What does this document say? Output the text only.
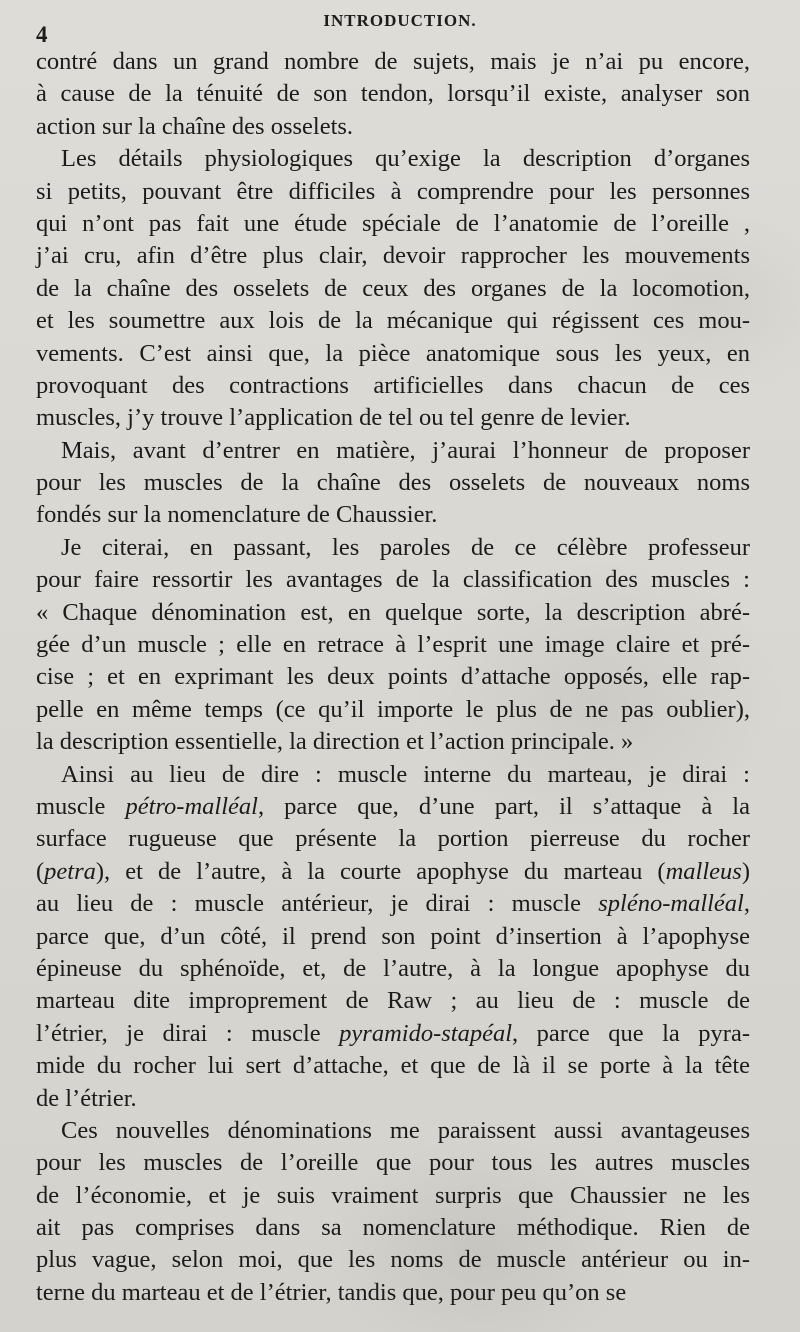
4
INTRODUCTION.
contré dans un grand nombre de sujets, mais je n’ai pu encore,
à cause de la ténuité de son tendon, lorsqu’il existe, analyser son
action sur la chaîne des osselets.
Les détails physiologiques qu’exige la description d’organes
si petits, pouvant être difficiles à comprendre pour les personnes
qui n’ont pas fait une étude spéciale de l’anatomie de l’oreille ,
j’ai cru, afin d’être plus clair, devoir rapprocher les mouvements
de la chaîne des osselets de ceux des organes de la locomotion,
et les soumettre aux lois de la mécanique qui régissent ces mou-
vements. C’est ainsi que, la pièce anatomique sous les yeux, en
provoquant des contractions artificielles dans chacun de ces
muscles, j’y trouve l’application de tel ou tel genre de levier.
Mais, avant d’entrer en matière, j’aurai l’honneur de proposer
pour les muscles de la chaîne des osselets de nouveaux noms
fondés sur la nomenclature de Chaussier.
Je citerai, en passant, les paroles de ce célèbre professeur
pour faire ressortir les avantages de la classification des muscles :
« Chaque dénomination est, en quelque sorte, la description abré-
gée d’un muscle ; elle en retrace à l’esprit une image claire et pré-
cise ; et en exprimant les deux points d’attache opposés, elle rap-
pelle en même temps (ce qu’il importe le plus de ne pas oublier),
la description essentielle, la direction et l’action principale. »
Ainsi au lieu de dire : muscle interne du marteau, je dirai :
muscle pétro-malléal, parce que, d’une part, il s’attaque à la
surface rugueuse que présente la portion pierreuse du rocher
(petra), et de l’autre, à la courte apophyse du marteau (malleus)
au lieu de : muscle antérieur, je dirai : muscle spléno-malléal,
parce que, d’un côté, il prend son point d’insertion à l’apophyse
épineuse du sphénoïde, et, de l’autre, à la longue apophyse du
marteau dite improprement de Raw ; au lieu de : muscle de
l’étrier, je dirai : muscle pyramido-stapéal, parce que la pyra-
mide du rocher lui sert d’attache, et que de là il se porte à la tête
de l’étrier.
Ces nouvelles dénominations me paraissent aussi avantageuses
pour les muscles de l’oreille que pour tous les autres muscles
de l’économie, et je suis vraiment surpris que Chaussier ne les
ait pas comprises dans sa nomenclature méthodique. Rien de
plus vague, selon moi, que les noms de muscle antérieur ou in-
terne du marteau et de l’étrier, tandis que, pour peu qu’on se
